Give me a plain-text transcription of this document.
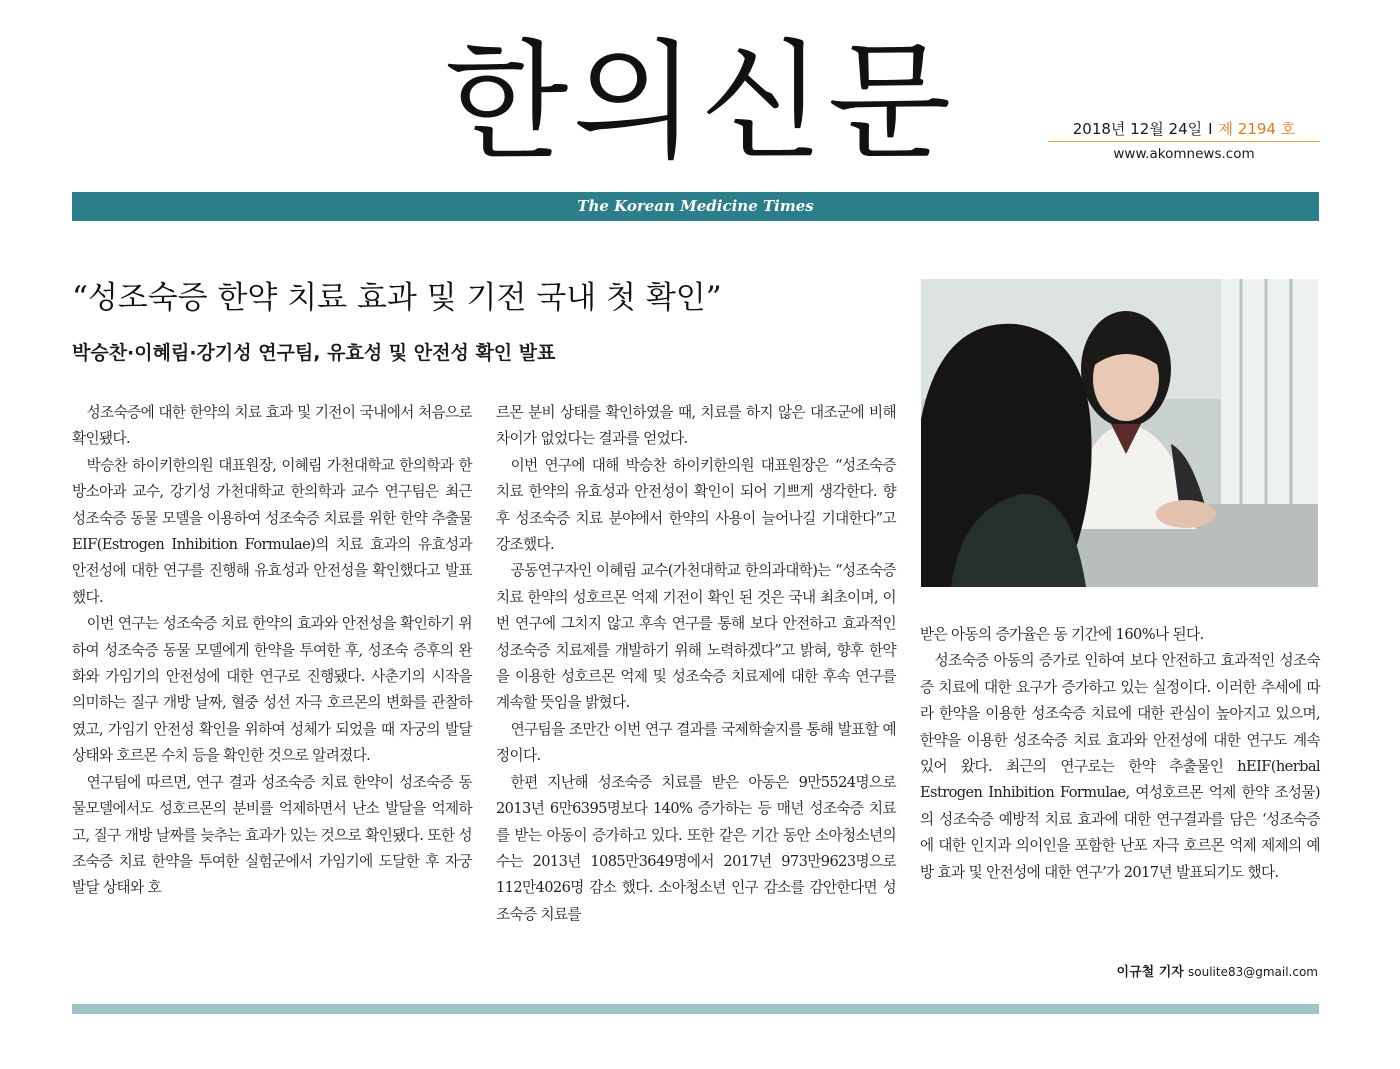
한의신문	2018년 12월 24일 I 제 2194 호
www.akomnews.com
The Korean Medicine Times
“성조숙증 한약 치료 효과 및 기전 국내 첫 확인”
박승찬·이혜림·강기성 연구팀, 유효성 및 안전성 확인 발표

성조숙증에 대한 한약의 치료 효과 및 기전이 국내에서 처음으로 확인됐다.

박승찬 하이키한의원 대표원장, 이혜림 가천대학교 한의학과 한방소아과 교수, 강기성 가천대학교 한의학과 교수 연구팀은 최근 성조숙증 동물 모델을 이용하여 성조숙증 치료를 위한 한약 추출물 EIF(Estrogen Inhibition Formulae)의 치료 효과의 유효성과 안전성에 대한 연구를 진행해 유효성과 안전성을 확인했다고 발표했다.

이번 연구는 성조숙증 치료 한약의 효과와 안전성을 확인하기 위하여 성조숙증 동물 모델에게 한약을 투여한 후, 성조숙 증후의 완화와 가임기의 안전성에 대한 연구로 진행됐다. 사춘기의 시작을 의미하는 질구 개방 날짜, 혈중 성선 자극 호르몬의 변화를 관찰하였고, 가임기 안전성 확인을 위하여 성체가 되었을 때 자궁의 발달 상태와 호르몬 수치 등을 확인한 것으로 알려졌다.

연구팀에 따르면, 연구 결과 성조숙증 치료 한약이 성조숙증 동물모델에서도 성호르몬의 분비를 억제하면서 난소 발달을 억제하고, 질구 개방 날짜를 늦추는 효과가 있는 것으로 확인됐다. 또한 성조숙증 치료 한약을 투여한 실험군에서 가임기에 도달한 후 자궁 발달 상태와 호

르몬 분비 상태를 확인하였을 때, 치료를 하지 않은 대조군에 비해 차이가 없었다는 결과를 얻었다.

이번 연구에 대해 박승찬 하이키한의원 대표원장은 “성조숙증 치료 한약의 유효성과 안전성이 확인이 되어 기쁘게 생각한다. 향후 성조숙증 치료 분야에서 한약의 사용이 늘어나길 기대한다”고 강조했다.

공동연구자인 이혜림 교수(가천대학교 한의과대학)는 “성조숙증 치료 한약의 성호르몬 억제 기전이 확인 된 것은 국내 최초이며, 이번 연구에 그치지 않고 후속 연구를 통해 보다 안전하고 효과적인 성조숙증 치료제를 개발하기 위해 노력하겠다”고 밝혀, 향후 한약을 이용한 성호르몬 억제 및 성조숙증 치료제에 대한 후속 연구를 계속할 뜻임을 밝혔다.

연구팀을 조만간 이번 연구 결과를 국제학술지를 통해 발표할 예정이다.

한편 지난해 성조숙증 치료를 받은 아동은 9만5524명으로 2013년 6만6395명보다 140% 증가하는 등 매년 성조숙증 치료를 받는 아동이 증가하고 있다. 또한 같은 기간 동안 소아청소년의 수는 2013년 1085만3649명에서 2017년 973만9623명으로 112만4026명 감소 했다. 소아청소년 인구 감소를 감안한다면 성조숙증 치료를

받은 아동의 증가율은 동 기간에 160%나 된다.

성조숙증 아동의 증가로 인하여 보다 안전하고 효과적인 성조숙증 치료에 대한 요구가 증가하고 있는 실정이다. 이러한 추세에 따라 한약을 이용한 성조숙증 치료에 대한 관심이 높아지고 있으며, 한약을 이용한 성조숙증 치료 효과와 안전성에 대한 연구도 계속 있어 왔다. 최근의 연구로는 한약 추출물인 hEIF(herbal Estrogen Inhibition Formulae, 여성호르몬 억제 한약 조성물)의 성조숙증 예방적 치료 효과에 대한 연구결과를 담은 ‘성조숙증에 대한 인지과 의이인을 포함한 난포 자극 호르몬 억제 제제의 예방 효과 및 안전성에 대한 연구’가 2017년 발표되기도 했다.

이규철 기자 soulite83@gmail.com
